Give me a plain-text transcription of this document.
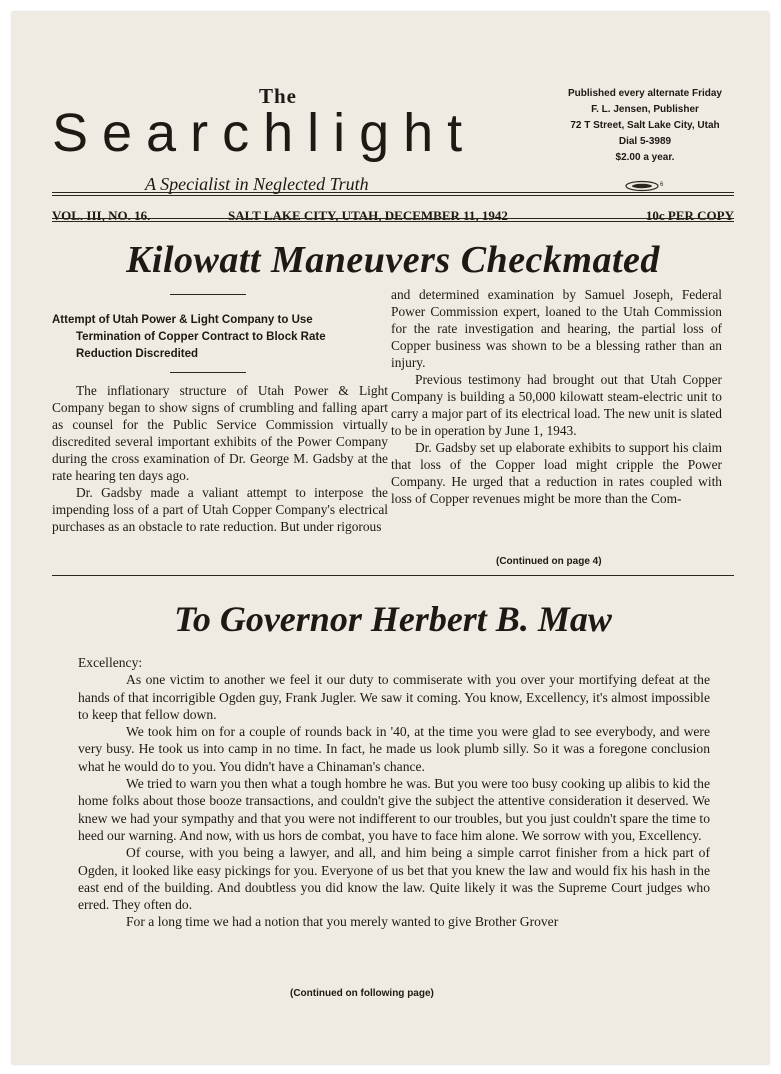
The
Searchlight
A Specialist in Neglected Truth
Published every alternate Friday
F. L. Jensen, Publisher
72 T Street, Salt Lake City, Utah
Dial 5-3989
$2.00 a year.
6
VOL. III, NO. 16.	SALT LAKE CITY, UTAH, DECEMBER 11, 1942	10c PER COPY
Kilowatt Maneuvers Checkmated
Attempt of Utah Power & Light Company to Use
Termination of Copper Contract to Block Rate
Reduction Discredited

The inflationary structure of Utah Power & Light Company began to show signs of crumbling and falling apart as counsel for the Public Service Commission virtually discredited several important exhibits of the Power Company during the cross examination of Dr. George M. Gadsby at the rate hearing ten days ago.

Dr. Gadsby made a valiant attempt to interpose the impending loss of a part of Utah Copper Company's electrical purchases as an obstacle to rate reduction. But under rigorous

and determined examination by Samuel Joseph, Federal Power Commission expert, loaned to the Utah Commission for the rate investigation and hearing, the partial loss of Copper business was shown to be a blessing rather than an injury.

Previous testimony had brought out that Utah Copper Company is building a 50,000 kilowatt steam-electric unit to carry a major part of its electrical load. The new unit is slated to be in operation by June 1, 1943.

Dr. Gadsby set up elaborate exhibits to support his claim that loss of the Copper load might cripple the Power Company. He urged that a reduction in rates coupled with loss of Copper revenues might be more than the Com-

(Continued on page 4)
To Governor Herbert B. Maw

Excellency:

As one victim to another we feel it our duty to commiserate with you over your mortifying defeat at the hands of that incorrigible Ogden guy, Frank Jugler. We saw it coming. You know, Excellency, it's almost impossible to keep that fellow down.

We took him on for a couple of rounds back in '40, at the time you were glad to see everybody, and were very busy. He took us into camp in no time. In fact, he made us look plumb silly. So it was a foregone conclusion what he would do to you. You didn't have a Chinaman's chance.

We tried to warn you then what a tough hombre he was. But you were too busy cooking up alibis to kid the home folks about those booze transactions, and couldn't give the subject the attentive consideration it deserved. We knew we had your sympathy and that you were not indifferent to our troubles, but you just couldn't spare the time to heed our warning. And now, with us hors de combat, you have to face him alone. We sorrow with you, Excellency.

Of course, with you being a lawyer, and all, and him being a simple carrot finisher from a hick part of Ogden, it looked like easy pickings for you. Everyone of us bet that you knew the law and would fix his hash in the east end of the building. And doubtless you did know the law. Quite likely it was the Supreme Court judges who erred. They often do.

For a long time we had a notion that you merely wanted to give Brother Grover

(Continued on following page)
